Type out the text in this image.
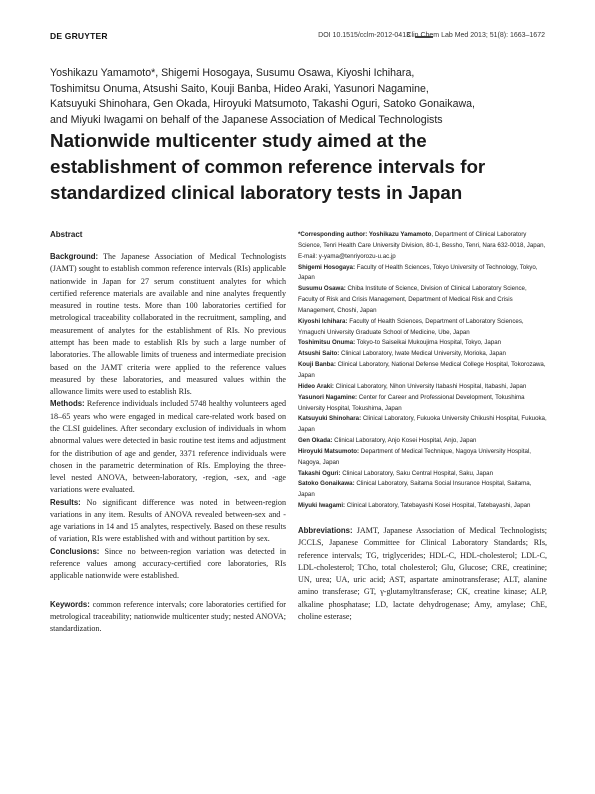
DE GRUYTER	DOI 10.1515/cclm-2012-0413
Clin Chem Lab Med 2013; 51(8): 1663–1672
Yoshikazu Yamamoto*, Shigemi Hosogaya, Susumu Osawa, Kiyoshi Ichihara,
Toshimitsu Onuma, Atsushi Saito, Kouji Banba, Hideo Araki, Yasunori Nagamine,
Katsuyuki Shinohara, Gen Okada, Hiroyuki Matsumoto, Takashi Oguri, Satoko Gonaikawa,
and Miyuki Iwagami on behalf of the Japanese Association of Medical Technologists
Nationwide multicenter study aimed at the
establishment of common reference intervals for
standardized clinical laboratory tests in Japan
Abstract

Background: The Japanese Association of Medical Technologists (JAMT) sought to establish common reference intervals (RIs) applicable nationwide in Japan for 27 serum constituent analytes for which certified reference materials are available and nine analytes frequently measured in routine tests. More than 100 laboratories certified for metrological traceability collaborated in the recruitment, sampling, and measurement of analytes for the establishment of RIs. No previous attempt has been made to establish RIs by such a large number of laboratories. The allowable limits of trueness and intermediate precision based on the JAMT criteria were applied to the reference values measured by these laboratories, and measured values within the allowance limits were used to establish RIs.
Methods: Reference individuals included 5748 healthy volunteers aged 18–65 years who were engaged in medical care-related work based on the CLSI guidelines. After secondary exclusion of individuals in whom abnormal values were detected in basic routine test items and adjustment for the distribution of age and gender, 3371 reference individuals were chosen in the parametric determination of RIs. Employing the three-level nested ANOVA, between-laboratory, -region, -sex, and -age variations were evaluated.
Results: No significant difference was noted in between-region variations in any item. Results of ANOVA revealed between-sex and -age variations in 14 and 15 analytes, respectively. Based on these results of variation, RIs were established with and without partition by sex.
Conclusions: Since no between-region variation was detected in reference values among accuracy-certified core laboratories, RIs applicable nationwide were established.

Keywords: common reference intervals; core laboratories certified for metrological traceability; nationwide multicenter study; nested ANOVA; standardization.

*Corresponding author: Yoshikazu Yamamoto, Department of Clinical Laboratory Science, Tenri Health Care University Division, 80-1, Bessho, Tenri, Nara 632-0018, Japan, E-mail: y-yama@tenriyorozu-u.ac.jp

Shigemi Hosogaya: Faculty of Health Sciences, Tokyo University of Technology, Tokyo, Japan

Susumu Osawa: Chiba Institute of Science, Division of Clinical Laboratory Science, Faculty of Risk and Crisis Management, Department of Medical Risk and Crisis Management, Choshi, Japan

Kiyoshi Ichihara: Faculty of Health Sciences, Department of Laboratory Sciences, Ymaguchi University Graduate School of Medicine, Ube, Japan

Toshimitsu Onuma: Tokyo-to Saiseikai Mukoujima Hospital, Tokyo, Japan

Atsushi Saito: Clinical Laboratory, Iwate Medical University, Morioka, Japan

Kouji Banba: Clinical Laboratory, National Defense Medical College Hospital, Tokorozawa, Japan

Hideo Araki: Clinical Laboratory, Nihon University Itabashi Hospital, Itabashi, Japan

Yasunori Nagamine: Center for Career and Professional Development, Tokushima University Hospital, Tokushima, Japan

Katsuyuki Shinohara: Clinical Laboratory, Fukuoka University Chikushi Hospital, Fukuoka, Japan

Gen Okada: Clinical Laboratory, Anjo Kosei Hospital, Anjo, Japan

Hiroyuki Matsumoto: Department of Medical Technique, Nagoya University Hospital, Nagoya, Japan

Takashi Oguri: Clinical Laboratory, Saku Central Hospital, Saku, Japan

Satoko Gonaikawa: Clinical Laboratory, Saitama Social Insurance Hospital, Saitama, Japan

Miyuki Iwagami: Clinical Laboratory, Tatebayashi Kosei Hospital, Tatebayashi, Japan

Abbreviations: JAMT, Japanese Association of Medical Technologists; JCCLS, Japanese Committee for Clinical Laboratory Standards; RIs, reference intervals; TG, triglycerides; HDL-C, HDL-cholesterol; LDL-C, LDL-cholesterol; TCho, total cholesterol; Glu, Glucose; CRE, creatinine; UN, urea; UA, uric acid; AST, aspartate aminotransferase; ALT, alanine amino transferase; GT, γ-glutamyltransferase; CK, creatine kinase; ALP, alkaline phosphatase; LD, lactate dehydrogenase; Amy, amylase; ChE, choline esterase;
